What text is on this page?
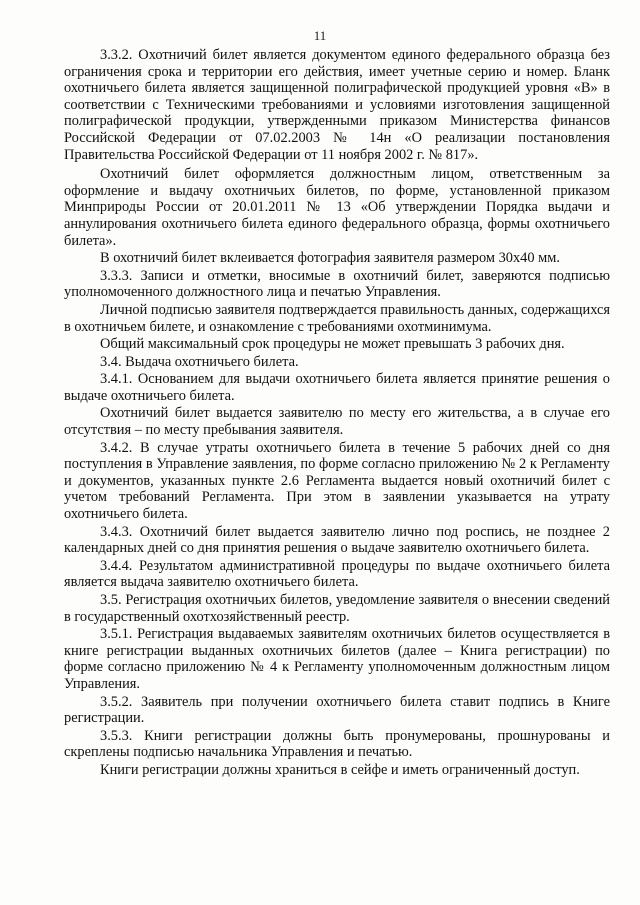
11

3.3.2. Охотничий билет является документом единого федерального образца без ограничения срока и территории его действия, имеет учетные серию и номер. Бланк охотничьего билета является защищенной полиграфической продукцией уровня «В» в соответствии с Техническими требованиями и условиями изготовления защищенной полиграфической продукции, утвержденными приказом Министерства финансов Российской Федерации от 07.02.2003 № 14н «О реализации постановления Правительства Российской Федерации от 11 ноября 2002 г. № 817».

Охотничий билет оформляется должностным лицом, ответственным за оформление и выдачу охотничьих билетов, по форме, установленной приказом Минприроды России от 20.01.2011 № 13 «Об утверждении Порядка выдачи и аннулирования охотничьего билета единого федерального образца, формы охотничьего билета».

В охотничий билет вклеивается фотография заявителя размером 30х40 мм.

3.3.3. Записи и отметки, вносимые в охотничий билет, заверяются подписью уполномоченного должностного лица и печатью Управления.

Личной подписью заявителя подтверждается правильность данных, содержащихся в охотничьем билете, и ознакомление с требованиями охотминимума.

Общий максимальный срок процедуры не может превышать 3 рабочих дня.

3.4. Выдача охотничьего билета.

3.4.1. Основанием для выдачи охотничьего билета является принятие решения о выдаче охотничьего билета.

Охотничий билет выдается заявителю по месту его жительства, а в случае его отсутствия – по месту пребывания заявителя.

3.4.2. В случае утраты охотничьего билета в течение 5 рабочих дней со дня поступления в Управление заявления, по форме согласно приложению № 2 к Регламенту и документов, указанных пункте 2.6 Регламента выдается новый охотничий билет с учетом требований Регламента. При этом в заявлении указывается на утрату охотничьего билета.

3.4.3. Охотничий билет выдается заявителю лично под роспись, не позднее 2 календарных дней со дня принятия решения о выдаче заявителю охотничьего билета.

3.4.4. Результатом административной процедуры по выдаче охотничьего билета является выдача заявителю охотничьего билета.

3.5. Регистрация охотничьих билетов, уведомление заявителя о внесении сведений в государственный охотхозяйственный реестр.

3.5.1. Регистрация выдаваемых заявителям охотничьих билетов осуществляется в книге регистрации выданных охотничьих билетов (далее – Книга регистрации) по форме согласно приложению № 4 к Регламенту уполномоченным должностным лицом Управления.

3.5.2. Заявитель при получении охотничьего билета ставит подпись в Книге регистрации.

3.5.3. Книги регистрации должны быть пронумерованы, прошнурованы и скреплены подписью начальника Управления и печатью.

Книги регистрации должны храниться в сейфе и иметь ограниченный доступ.
